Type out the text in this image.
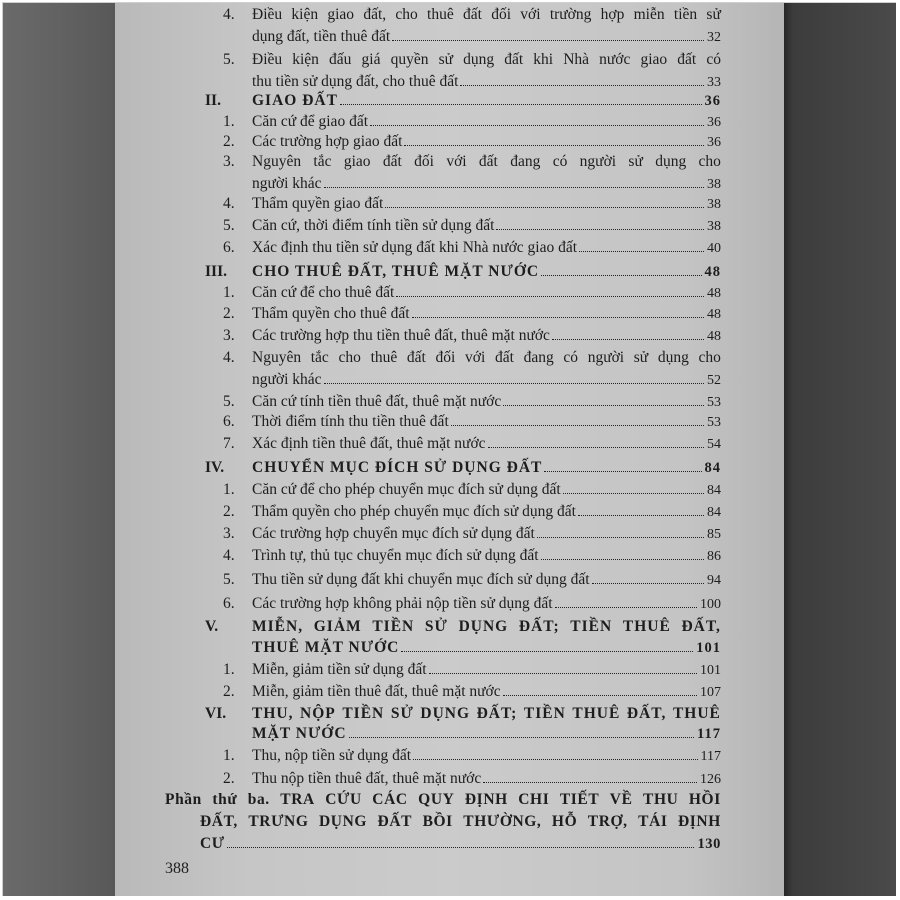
4. Điều kiện giao đất, cho thuê đất đối với trường hợp miễn tiền sử
dụng đất, tiền thuê đất	32
5. Điều kiện đấu giá quyền sử dụng đất khi Nhà nước giao đất có
thu tiền sử dụng đất, cho thuê đất	33
II. GIAO ĐẤT	36
1. Căn cứ để giao đất	36
2. Các trường hợp giao đất	36
3. Nguyên tắc giao đất đối với đất đang có người sử dụng cho
người khác	38
4. Thẩm quyền giao đất	38
5. Căn cứ, thời điểm tính tiền sử dụng đất	38
6. Xác định thu tiền sử dụng đất khi Nhà nước giao đất	40
III. CHO THUÊ ĐẤT, THUÊ MẶT NƯỚC	48
1. Căn cứ để cho thuê đất	48
2. Thẩm quyền cho thuê đất	48
3. Các trường hợp thu tiền thuê đất, thuê mặt nước	48
4. Nguyên tắc cho thuê đất đối với đất đang có người sử dụng cho
người khác	52
5. Căn cứ tính tiền thuê đất, thuê mặt nước	53
6. Thời điểm tính thu tiền thuê đất	53
7. Xác định tiền thuê đất, thuê mặt nước	54
IV. CHUYỂN MỤC ĐÍCH SỬ DỤNG ĐẤT	84
1. Căn cứ để cho phép chuyển mục đích sử dụng đất	84
2. Thẩm quyền cho phép chuyển mục đích sử dụng đất	84
3. Các trường hợp chuyển mục đích sử dụng đất	85
4. Trình tự, thủ tục chuyển mục đích sử dụng đất	86
5. Thu tiền sử dụng đất khi chuyển mục đích sử dụng đất	94
6. Các trường hợp không phải nộp tiền sử dụng đất	100
V. MIỄN, GIẢM TIỀN SỬ DỤNG ĐẤT; TIỀN THUÊ ĐẤT,
THUÊ MẶT NƯỚC	101
1. Miễn, giảm tiền sử dụng đất	101
2. Miễn, giảm tiền thuê đất, thuê mặt nước	107
VI. THU, NỘP TIỀN SỬ DỤNG ĐẤT; TIỀN THUÊ ĐẤT, THUÊ
MẶT NƯỚC	117
1. Thu, nộp tiền sử dụng đất	117
2. Thu nộp tiền thuê đất, thuê mặt nước	126
Phần thứ ba. TRA CỨU CÁC QUY ĐỊNH CHI TIẾT VỀ THU HỒI
ĐẤT, TRƯNG DỤNG ĐẤT BỒI THƯỜNG, HỖ TRỢ, TÁI ĐỊNH
CƯ	130
388
